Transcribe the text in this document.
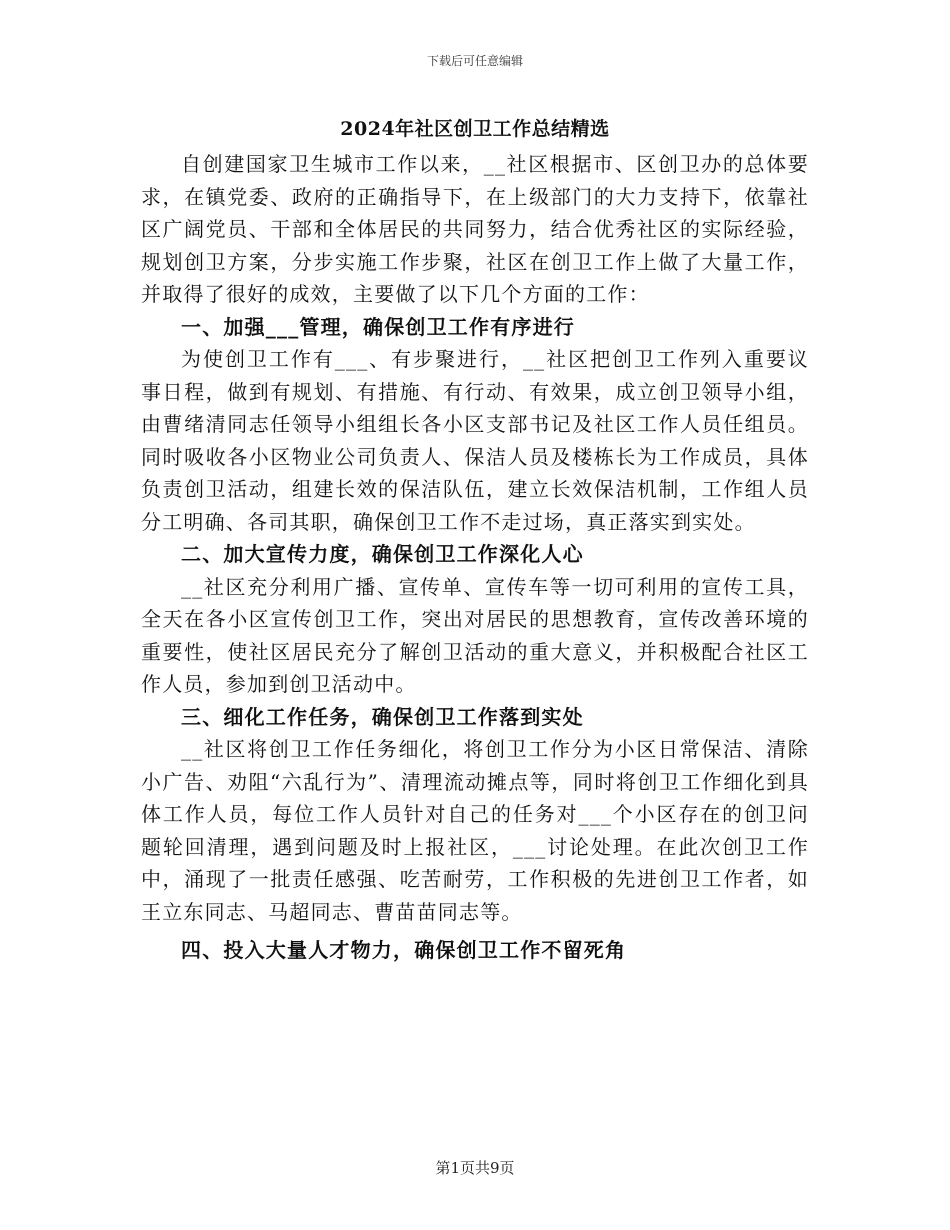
下载后可任意编辑
2024年社区创卫工作总结精选

自创建国家卫生城市工作以来，__社区根据市、区创卫办的总体要求，在镇党委、政府的正确指导下，在上级部门的大力支持下，依靠社区广阔党员、干部和全体居民的共同努力，结合优秀社区的实际经验，规划创卫方案，分步实施工作步聚，社区在创卫工作上做了大量工作，并取得了很好的成效，主要做了以下几个方面的工作：

一、加强___管理，确保创卫工作有序进行

为使创卫工作有___、有步聚进行，__社区把创卫工作列入重要议事日程，做到有规划、有措施、有行动、有效果，成立创卫领导小组，由曹绪清同志任领导小组组长各小区支部书记及社区工作人员任组员。同时吸收各小区物业公司负责人、保洁人员及楼栋长为工作成员，具体负责创卫活动，组建长效的保洁队伍，建立长效保洁机制，工作组人员分工明确、各司其职，确保创卫工作不走过场，真正落实到实处。

二、加大宣传力度，确保创卫工作深化人心

__社区充分利用广播、宣传单、宣传车等一切可利用的宣传工具，全天在各小区宣传创卫工作，突出对居民的思想教育，宣传改善环境的重要性，使社区居民充分了解创卫活动的重大意义，并积极配合社区工作人员，参加到创卫活动中。

三、细化工作任务，确保创卫工作落到实处

__社区将创卫工作任务细化，将创卫工作分为小区日常保洁、清除小广告、劝阻“六乱行为”、清理流动摊点等，同时将创卫工作细化到具体工作人员，每位工作人员针对自己的任务对___个小区存在的创卫问题轮回清理，遇到问题及时上报社区，___讨论处理。在此次创卫工作中，涌现了一批责任感强、吃苦耐劳，工作积极的先进创卫工作者，如王立东同志、马超同志、曹苗苗同志等。

四、投入大量人才物力，确保创卫工作不留死角

第1页共9页
